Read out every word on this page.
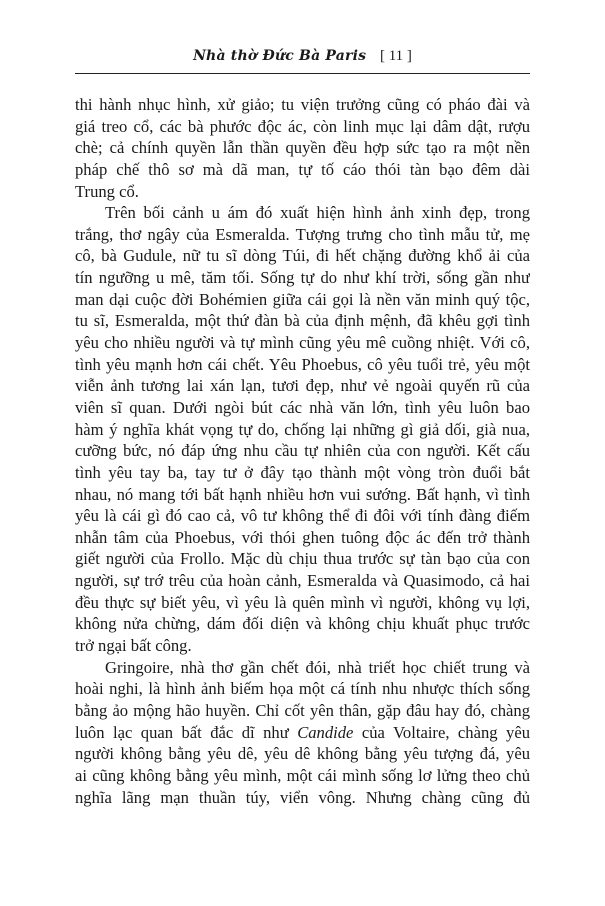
Nhà thờ Đức Bà Paris [ 11 ]
thi hành nhục hình, xử giảo; tu viện trưởng cũng có pháo đài và
giá treo cổ, các bà phước độc ác, còn linh mục lại dâm dật, rượu
chè; cả chính quyền lẫn thần quyền đều hợp sức tạo ra một nền
pháp chế thô sơ mà dã man, tự tố cáo thói tàn bạo đêm dài
Trung cổ.
Trên bối cảnh u ám đó xuất hiện hình ảnh xinh đẹp, trong
trắng, thơ ngây của Esmeralda. Tượng trưng cho tình mẫu tử, mẹ
cô, bà Gudule, nữ tu sĩ dòng Túi, đi hết chặng đường khổ ải của
tín ngưỡng u mê, tăm tối. Sống tự do như khí trời, sống gần như
man dại cuộc đời Bohémien giữa cái gọi là nền văn minh quý tộc,
tu sĩ, Esmeralda, một thứ đàn bà của định mệnh, đã khêu gợi tình
yêu cho nhiều người và tự mình cũng yêu mê cuồng nhiệt. Với cô,
tình yêu mạnh hơn cái chết. Yêu Phoebus, cô yêu tuổi trẻ, yêu một
viễn ảnh tương lai xán lạn, tươi đẹp, như vẻ ngoài quyến rũ của
viên sĩ quan. Dưới ngòi bút các nhà văn lớn, tình yêu luôn bao
hàm ý nghĩa khát vọng tự do, chống lại những gì giả dối, già nua,
cưỡng bức, nó đáp ứng nhu cầu tự nhiên của con người. Kết cấu
tình yêu tay ba, tay tư ở đây tạo thành một vòng tròn đuổi bắt
nhau, nó mang tới bất hạnh nhiều hơn vui sướng. Bất hạnh, vì tình
yêu là cái gì đó cao cả, vô tư không thể đi đôi với tính đàng điếm
nhẫn tâm của Phoebus, với thói ghen tuông độc ác đến trở thành
giết người của Frollo. Mặc dù chịu thua trước sự tàn bạo của con
người, sự trớ trêu của hoàn cảnh, Esmeralda và Quasimodo, cả hai
đều thực sự biết yêu, vì yêu là quên mình vì người, không vụ lợi,
không nửa chừng, dám đối diện và không chịu khuất phục trước
trở ngại bất công.
Gringoire, nhà thơ gần chết đói, nhà triết học chiết trung và
hoài nghi, là hình ảnh biếm họa một cá tính nhu nhược thích sống
bằng ảo mộng hão huyền. Chỉ cốt yên thân, gặp đâu hay đó, chàng
luôn lạc quan bất đắc dĩ như Candide của Voltaire, chàng yêu
người không bằng yêu dê, yêu dê không bằng yêu tượng đá, yêu
ai cũng không bằng yêu mình, một cái mình sống lơ lửng theo chủ
nghĩa lãng mạn thuần túy, viển vông. Nhưng chàng cũng đủ
